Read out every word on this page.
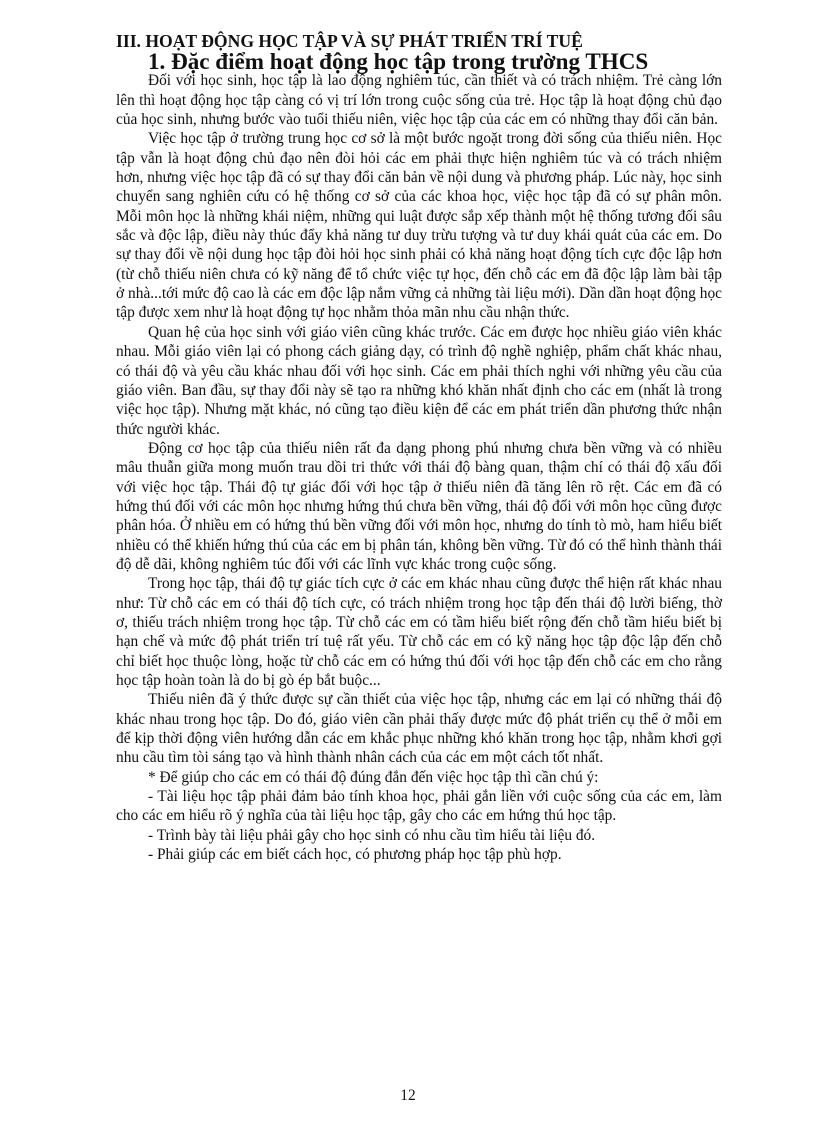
III. HOẠT ĐỘNG HỌC TẬP VÀ SỰ PHÁT TRIỂN TRÍ TUỆ
1. Đặc điểm hoạt động học tập trong trường THCS

Đối với học sinh, học tập là lao động nghiêm túc, cần thiết và có trách nhiệm. Trẻ càng lớn lên thì hoạt động học tập càng có vị trí lớn trong cuộc sống của trẻ. Học tập là hoạt động chủ đạo của học sinh, nhưng bước vào tuổi thiếu niên, việc học tập của các em có những thay đổi căn bản.

Việc học tập ở trường trung học cơ sở là một bước ngoặt trong đời sống của thiếu niên. Học tập vẫn là hoạt động chủ đạo nên đòi hỏi các em phải thực hiện nghiêm túc và có trách nhiệm hơn, nhưng việc học tập đã có sự thay đổi căn bản về nội dung và phương pháp. Lúc này, học sinh chuyển sang nghiên cứu có hệ thống cơ sở của các khoa học, việc học tập đã có sự phân môn. Mỗi môn học là những khái niệm, những qui luật được sắp xếp thành một hệ thống tương đối sâu sắc và độc lập, điều này thúc đẩy khả năng tư duy trừu tượng và tư duy khái quát của các em. Do sự thay đổi về nội dung học tập đòi hỏi học sinh phải có khả năng hoạt động tích cực độc lập hơn (từ chỗ thiếu niên chưa có kỹ năng để tổ chức việc tự học, đến chỗ các em đã độc lập làm bài tập ở nhà...tới mức độ cao là các em độc lập nắm vững cả những tài liệu mới). Dần dần hoạt động học tập được xem như là hoạt động tự học nhằm thỏa mãn nhu cầu nhận thức.

Quan hệ của học sinh với giáo viên cũng khác trước. Các em được học nhiều giáo viên khác nhau. Mỗi giáo viên lại có phong cách giảng dạy, có trình độ nghề nghiệp, phẩm chất khác nhau, có thái độ và yêu cầu khác nhau đối với học sinh. Các em phải thích nghi với những yêu cầu của giáo viên. Ban đầu, sự thay đổi này sẽ tạo ra những khó khăn nhất định cho các em (nhất là trong việc học tập). Nhưng mặt khác, nó cũng tạo điều kiện để các em phát triển dần phương thức nhận thức người khác.

Động cơ học tập của thiếu niên rất đa dạng phong phú nhưng chưa bền vững và có nhiều mâu thuẫn giữa mong muốn trau dồi tri thức với thái độ bàng quan, thậm chí có thái độ xấu đối với việc học tập. Thái độ tự giác đối với học tập ở thiếu niên đã tăng lên rõ rệt. Các em đã có hứng thú đối với các môn học nhưng hứng thú chưa bền vững, thái độ đối với môn học cũng được phân hóa. Ở nhiều em có hứng thú bền vững đối với môn học, nhưng do tính tò mò, ham hiểu biết nhiều có thể khiến hứng thú của các em bị phân tán, không bền vững. Từ đó có thể hình thành thái độ dễ dãi, không nghiêm túc đối với các lĩnh vực khác trong cuộc sống.

Trong học tập, thái độ tự giác tích cực ở các em khác nhau cũng được thể hiện rất khác nhau như: Từ chỗ các em có thái độ tích cực, có trách nhiệm trong học tập đến thái độ lười biếng, thờ ơ, thiếu trách nhiệm trong học tập. Từ chỗ các em có tầm hiểu biết rộng đến chỗ tầm hiểu biết bị hạn chế và mức độ phát triển trí tuệ rất yếu. Từ chỗ các em có kỹ năng học tập độc lập đến chỗ chỉ biết học thuộc lòng, hoặc từ chỗ các em có hứng thú đối với học tập đến chỗ các em cho rằng học tập hoàn toàn là do bị gò ép bắt buộc...

Thiếu niên đã ý thức được sự cần thiết của việc học tập, nhưng các em lại có những thái độ khác nhau trong học tập. Do đó, giáo viên cần phải thấy được mức độ phát triển cụ thể ở mỗi em để kịp thời động viên hướng dẫn các em khắc phục những khó khăn trong học tập, nhằm khơi gợi nhu cầu tìm tòi sáng tạo và hình thành nhân cách của các em một cách tốt nhất.

* Để giúp cho các em có thái độ đúng đắn đến việc học tập thì cần chú ý:

- Tài liệu học tập phải đảm bảo tính khoa học, phải gắn liền với cuộc sống của các em, làm cho các em hiểu rõ ý nghĩa của tài liệu học tập, gây cho các em hứng thú học tập.

- Trình bày tài liệu phải gây cho học sinh có nhu cầu tìm hiểu tài liệu đó.

- Phải giúp các em biết cách học, có phương pháp học tập phù hợp.

12
